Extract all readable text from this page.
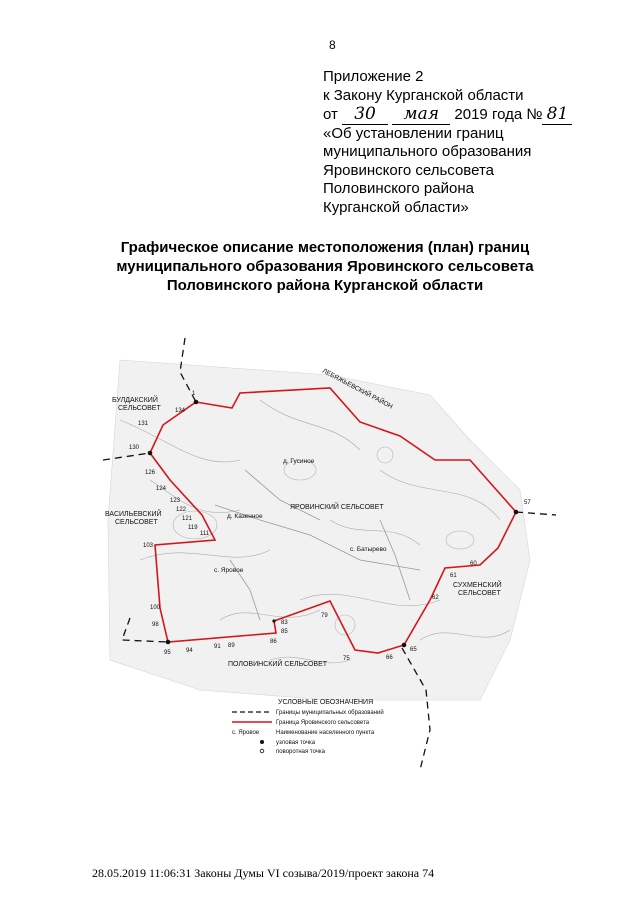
8
Приложение 2
к Закону Курганской области
от 30 мая 2019 года № 81
«Об установлении границ
муниципального образования
Яровинского сельсовета
Половинского района
Курганской области»
Графическое описание местоположения (план) границ
муниципального образования Яровинского сельсовета
Половинского района Курганской области
БУЛДАКСКИЙ
СЕЛЬСОВЕТ
ВАСИЛЬЕВСКИЙ
СЕЛЬСОВЕТ
ЯРОВИНСКИЙ СЕЛЬСОВЕТ
СУХМЕНСКИЙ
СЕЛЬСОВЕТ
ПОЛОВИНСКИЙ СЕЛЬСОВЕТ
ЛЕБЯЖЬЕВСКИЙ РАЙОН
д. Гусиное
д. Казенное
с. Яровое
с. Батырево
1
134
131
130
126
124
123
122
121
119
111
103
100
98
95	94
91 89
86
85
83
79
75	66
65
62
61
60
57
УСЛОВНЫЕ ОБОЗНАЧЕНИЯ
Границы муниципальных образований
Граница Яровинского сельсовета
с. Яровое	Наименование населенного пункта
узловая точка
поворотная точка
28.05.2019 11:06:31 Законы Думы VI созыва/2019/проект закона 74
